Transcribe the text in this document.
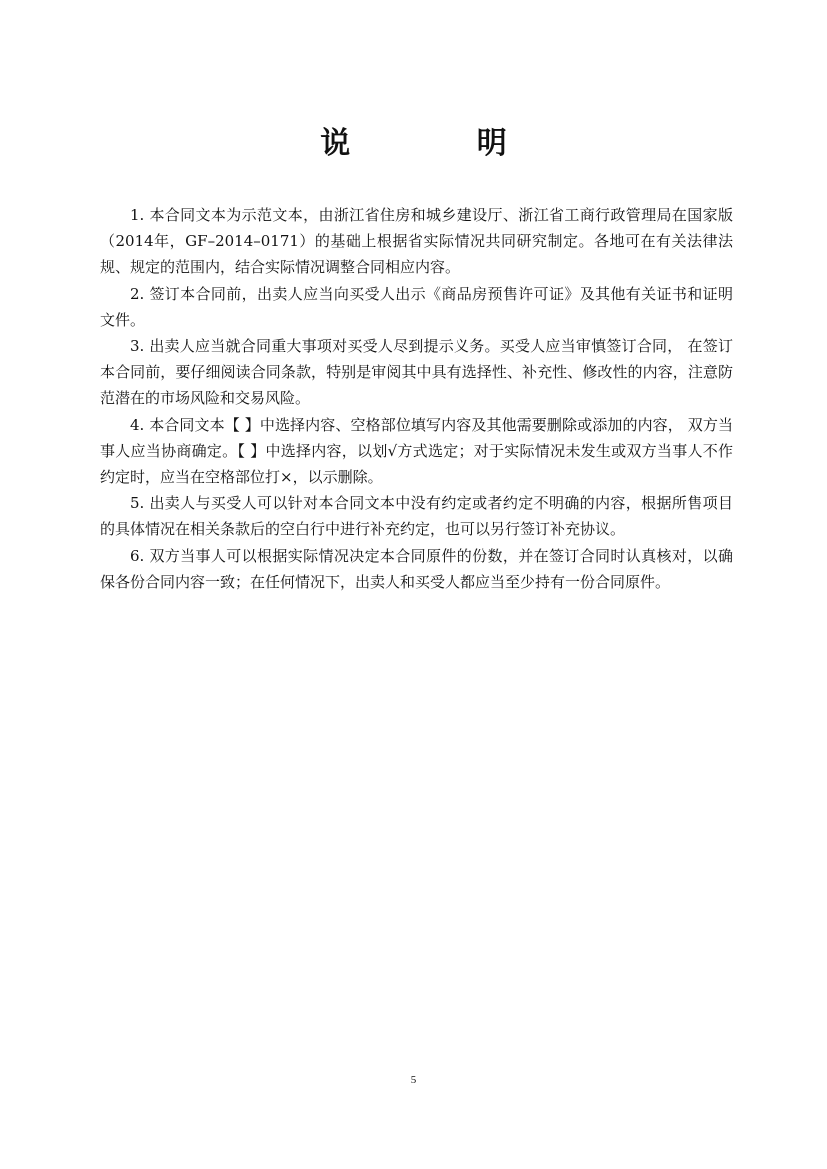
说 明

1. 本合同文本为示范文本，由浙江省住房和城乡建设厅、浙江省工商行政管理局在国家版（2014年，GF–2014–0171）的基础上根据省实际情况共同研究制定。各地可在有关法律法规、规定的范围内，结合实际情况调整合同相应内容。

2. 签订本合同前，出卖人应当向买受人出示《商品房预售许可证》及其他有关证书和证明文件。

3. 出卖人应当就合同重大事项对买受人尽到提示义务。买受人应当审慎签订合同， 在签订本合同前，要仔细阅读合同条款，特别是审阅其中具有选择性、补充性、修改性的内容，注意防范潜在的市场风险和交易风险。

4. 本合同文本【 】中选择内容、空格部位填写内容及其他需要删除或添加的内容， 双方当事人应当协商确定。【 】中选择内容，以划√方式选定；对于实际情况未发生或双方当事人不作约定时，应当在空格部位打×，以示删除。

5. 出卖人与买受人可以针对本合同文本中没有约定或者约定不明确的内容，根据所售项目的具体情况在相关条款后的空白行中进行补充约定，也可以另行签订补充协议。

6. 双方当事人可以根据实际情况决定本合同原件的份数，并在签订合同时认真核对，以确保各份合同内容一致；在任何情况下，出卖人和买受人都应当至少持有一份合同原件。

5
